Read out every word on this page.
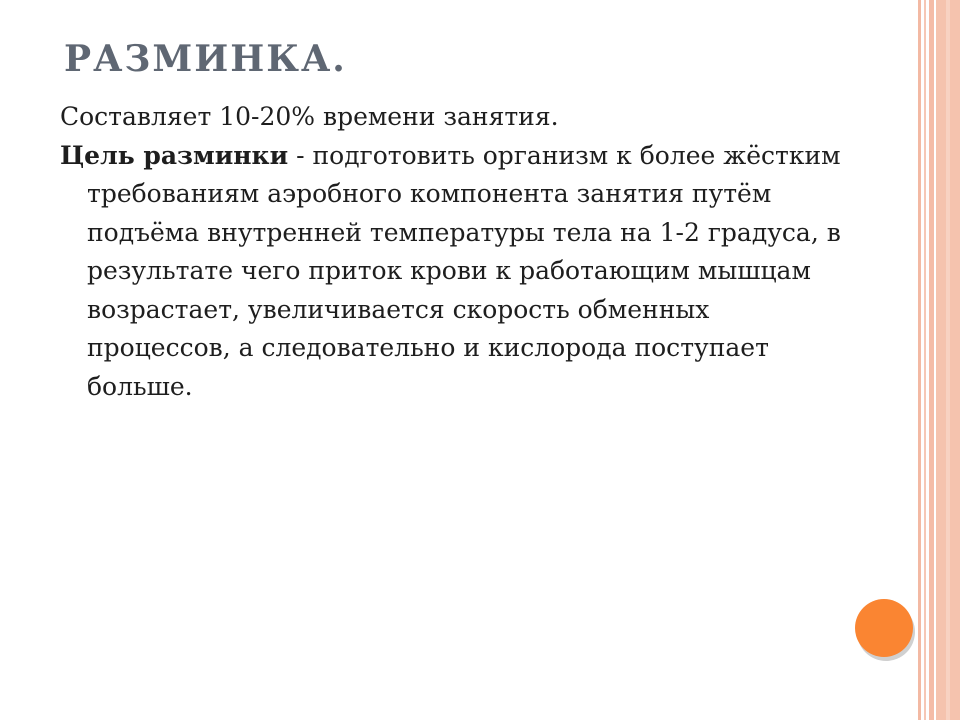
РАЗМИНКА.

Составляет 10-20% времени занятия.

Цель разминки - подготовить организм к более жёстким требованиям аэробного компонента занятия путём подъёма внутренней температуры тела на 1-2 градуса, в результате чего приток крови к работающим мышцам возрастает, увеличивается скорость обменных процессов, а следовательно и кислорода поступает больше.
